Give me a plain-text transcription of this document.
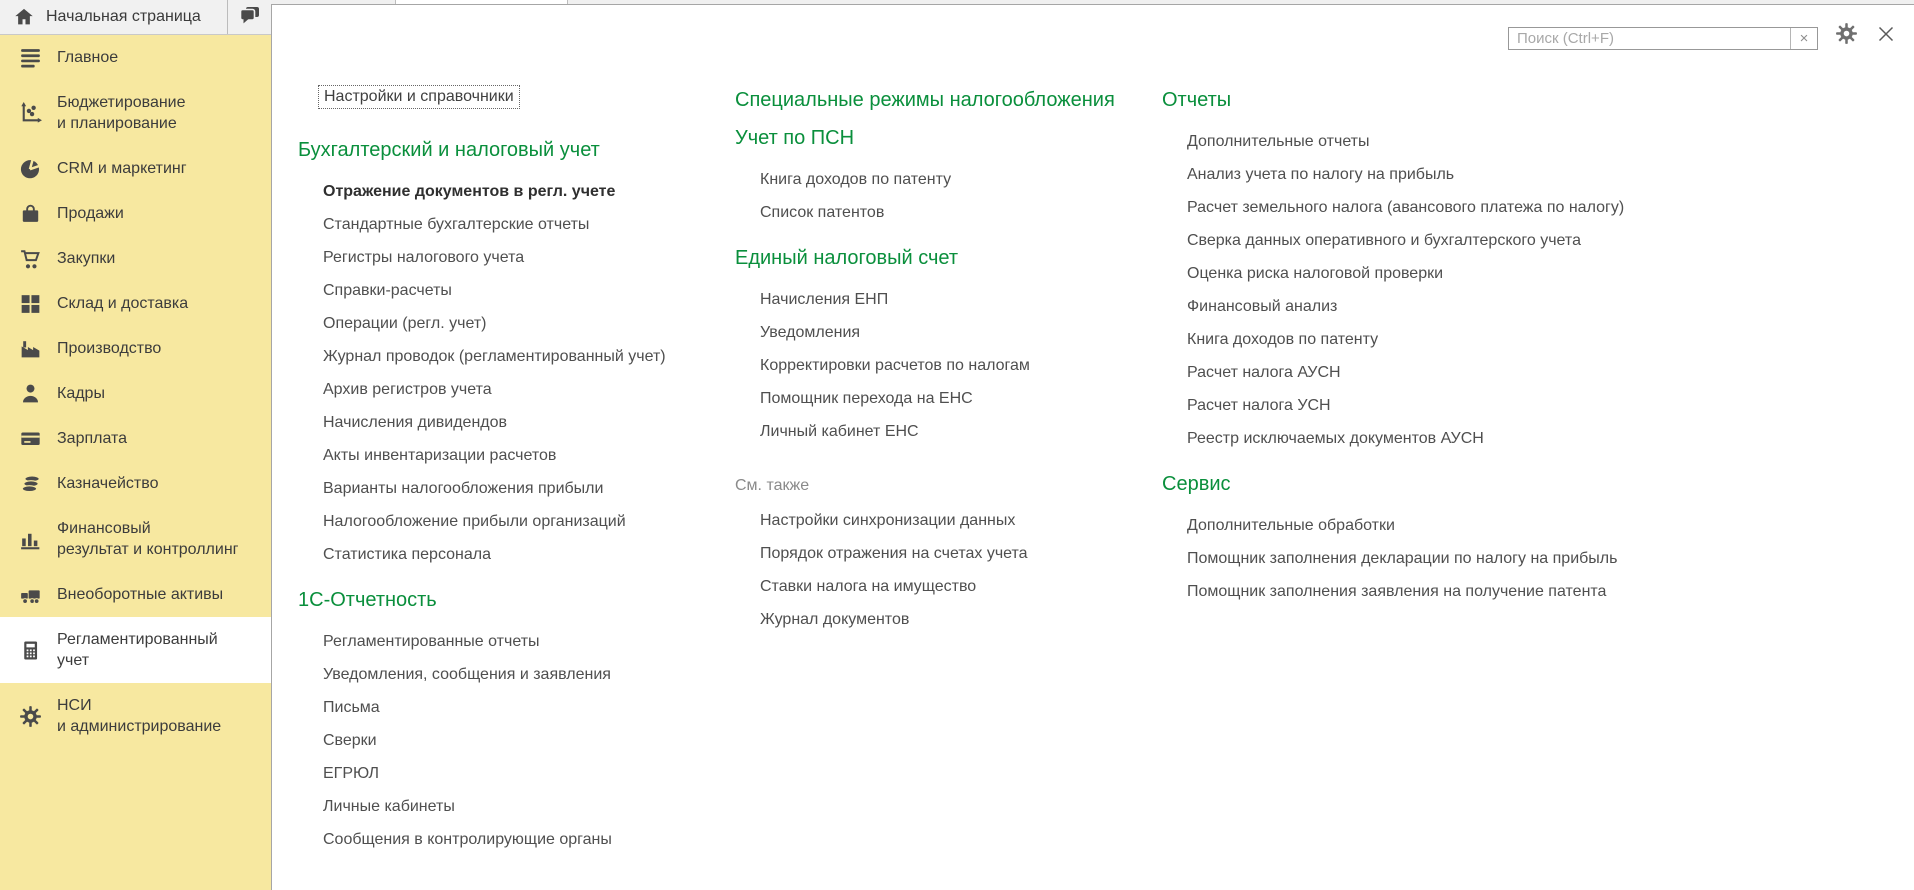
Настройки и справочники
Бухгалтерский и налоговый учет
Отражение документов в регл. учете
Стандартные бухгалтерские отчеты
Регистры налогового учета
Справки-расчеты
Операции (регл. учет)
Журнал проводок (регламентированный учет)
Архив регистров учета
Начисления дивидендов
Акты инвентаризации расчетов
Варианты налогообложения прибыли
Налогообложение прибыли организаций
Статистика персонала
1С-Отчетность
Регламентированные отчеты
Уведомления, сообщения и заявления
Письма
Сверки
ЕГРЮЛ
Личные кабинеты
Сообщения в контролирующие органы
Специальные режимы налогообложения
Учет по ПСН
Книга доходов по патенту
Список патентов
Единый налоговый счет
Начисления ЕНП
Уведомления
Корректировки расчетов по налогам
Помощник перехода на ЕНС
Личный кабинет ЕНС
См. также
Настройки синхронизации данных
Порядок отражения на счетах учета
Ставки налога на имущество
Журнал документов
Отчеты
Дополнительные отчеты
Анализ учета по налогу на прибыль
Расчет земельного налога (авансового платежа по налогу)
Сверка данных оперативного и бухгалтерского учета
Оценка риска налоговой проверки
Финансовый анализ
Книга доходов по патенту
Расчет налога АУСН
Расчет налога УСН
Реестр исключаемых документов АУСН
Сервис
Дополнительные обработки
Помощник заполнения декларации по налогу на прибыль
Помощник заполнения заявления на получение патента
Начальная страница
Главное
Бюджетирование
и планирование
CRM и маркетинг
Продажи
Закупки
Склад и доставка
Производство
Кадры
Зарплата
Казначейство
Финансовый
результат и контроллинг
Внеоборотные активы
Регламентированный
учет
НСИ
и администрирование
Поиск (Ctrl+F)
×
